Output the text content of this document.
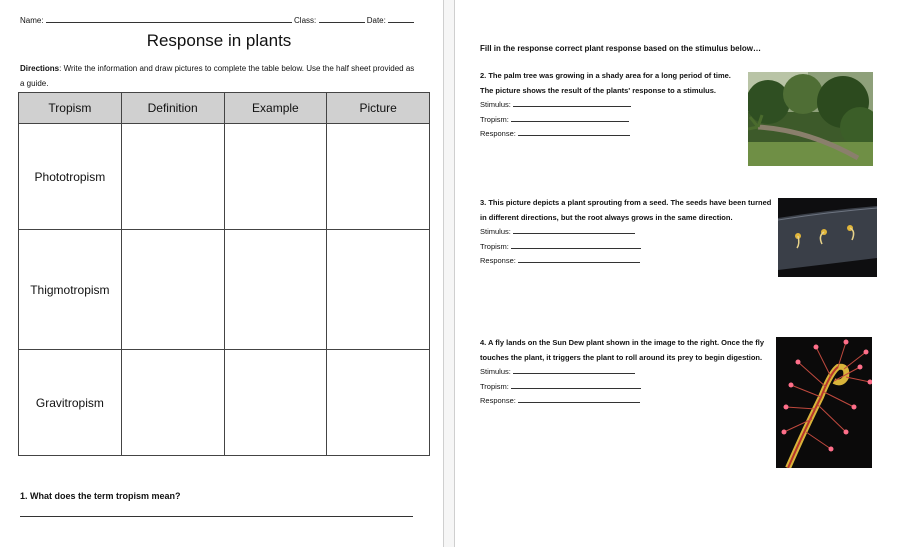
Name:	Class:	Date:
Response in plants
Directions: Write the information and draw pictures to complete the table below. Use the half sheet provided as a guide.
Tropism	Definition	Example	Picture
Phototropism			
Thigmotropism			
Gravitropism			
1. What does the term tropism mean?
Fill in the response correct plant response based on the stimulus below…
2. The palm tree was growing in a shady area for a long period of time. The picture shows the result of the plants' response to a stimulus.
Stimulus:
Tropism:
Response:
3. This picture depicts a plant sprouting from a seed. The seeds have been turned in different directions, but the root always grows in the same direction.
Stimulus:
Tropism:
Response:
4. A fly lands on the Sun Dew plant shown in the image to the right. Once the fly touches the plant, it triggers the plant to roll around its prey to begin digestion.
Stimulus:
Tropism:
Response:
